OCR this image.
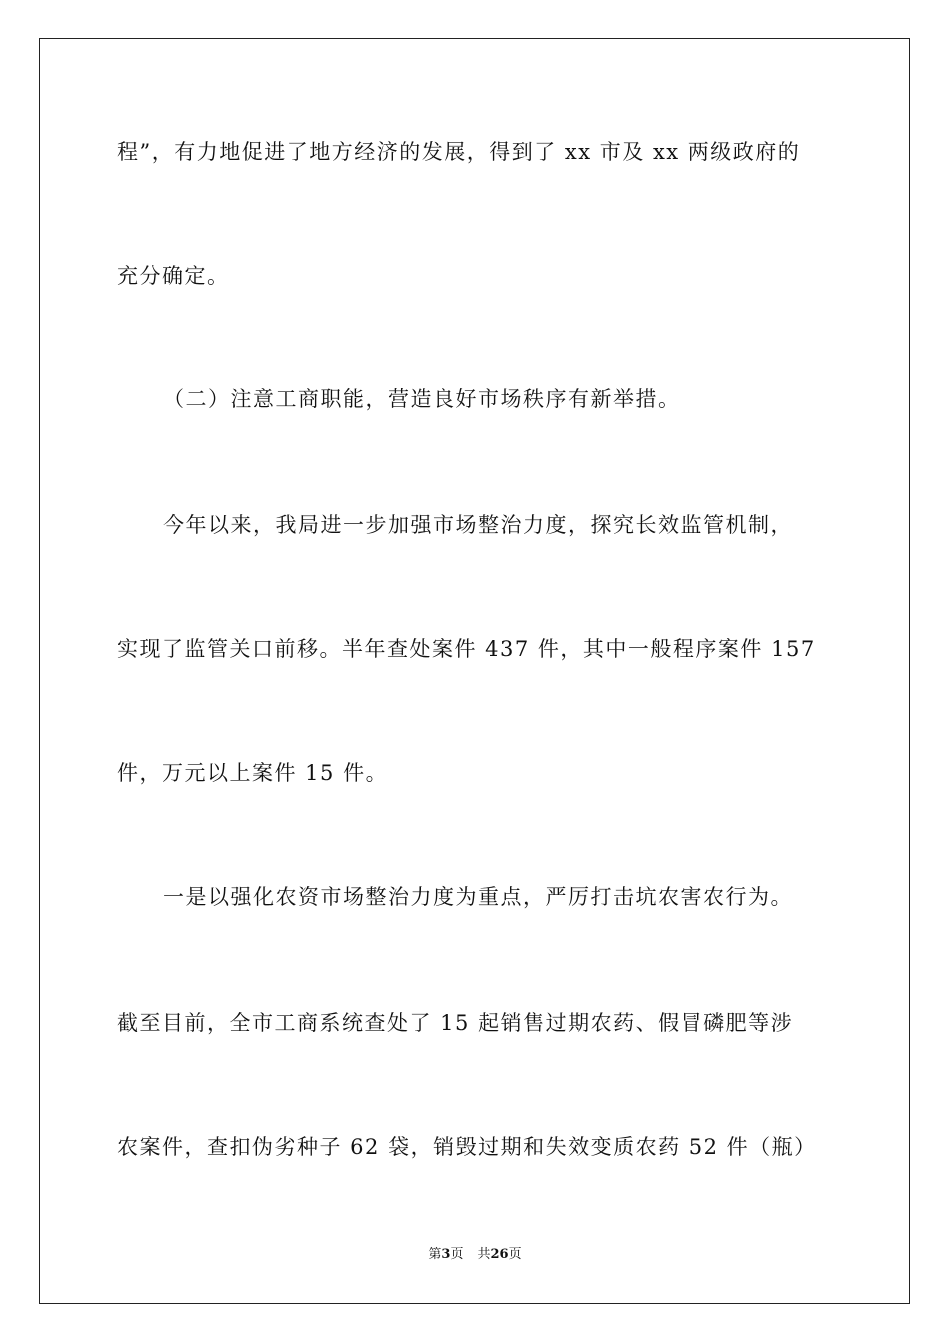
程”，有力地促进了地方经济的发展，得到了 xx 市及 xx 两级政府的
充分确定。
（二）注意工商职能，营造良好市场秩序有新举措。
今年以来，我局进一步加强市场整治力度，探究长效监管机制，
实现了监管关口前移。半年查处案件 437 件，其中一般程序案件 157
件，万元以上案件 15 件。
一是以强化农资市场整治力度为重点，严厉打击坑农害农行为。
截至目前，全市工商系统查处了 15 起销售过期农药、假冒磷肥等涉
农案件，查扣伪劣种子 62 袋，销毁过期和失效变质农药 52 件（瓶）
第3页 共26页
